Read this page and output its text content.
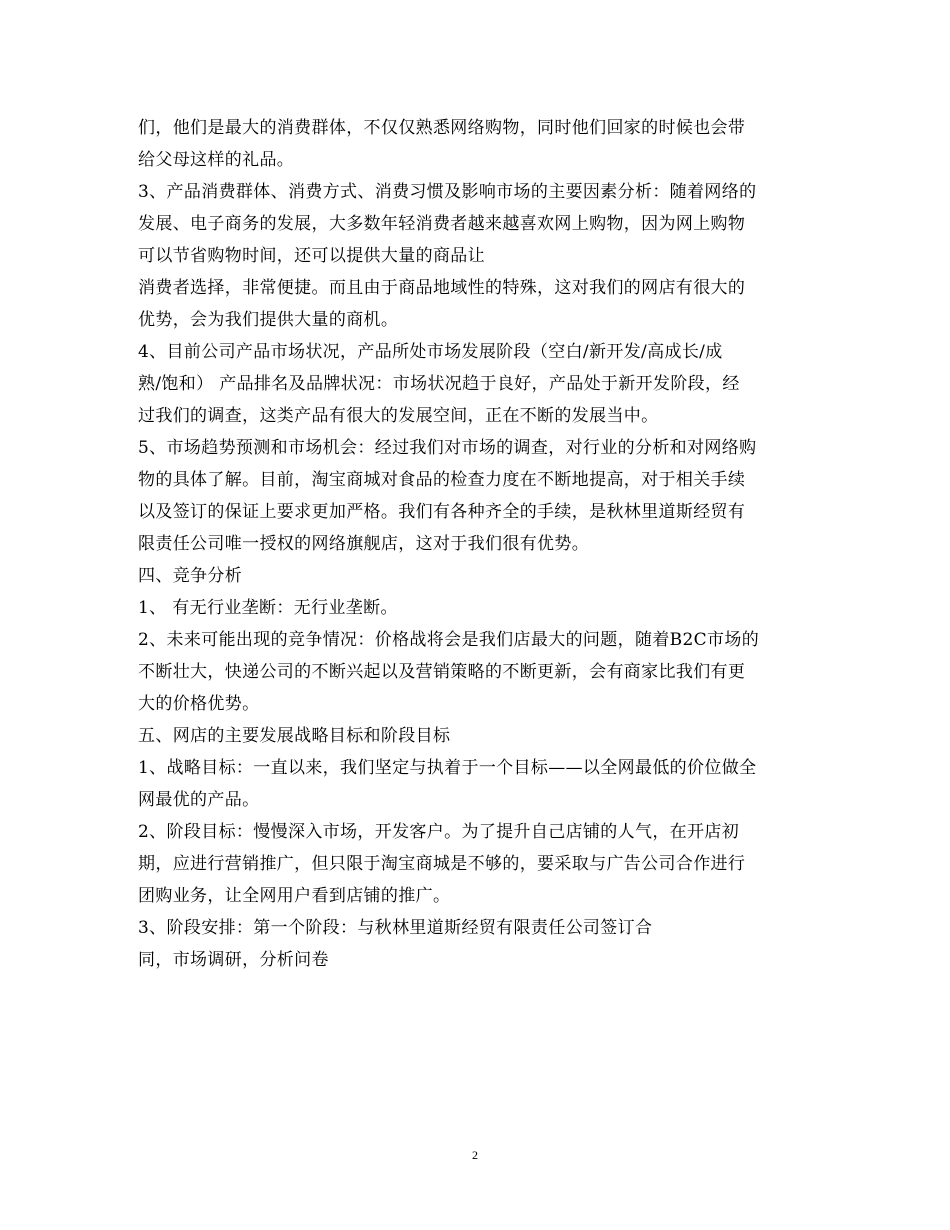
们，他们是最大的消费群体，不仅仅熟悉网络购物，同时他们回家的时候也会带
给父母这样的礼品。
3、产品消费群体、消费方式、消费习惯及影响市场的主要因素分析：随着网络的
发展、电子商务的发展，大多数年轻消费者越来越喜欢网上购物，因为网上购物
可以节省购物时间，还可以提供大量的商品让
消费者选择，非常便捷。而且由于商品地域性的特殊，这对我们的网店有很大的
优势，会为我们提供大量的商机。
4、目前公司产品市场状况，产品所处市场发展阶段（空白/新开发/高成长/成
熟/饱和） 产品排名及品牌状况：市场状况趋于良好，产品处于新开发阶段，经
过我们的调查，这类产品有很大的发展空间，正在不断的发展当中。
5、市场趋势预测和市场机会：经过我们对市场的调查，对行业的分析和对网络购
物的具体了解。目前，淘宝商城对食品的检查力度在不断地提高，对于相关手续
以及签订的保证上要求更加严格。我们有各种齐全的手续，是秋林里道斯经贸有
限责任公司唯一授权的网络旗舰店，这对于我们很有优势。
四、竞争分析
1、 有无行业垄断：无行业垄断。
2、未来可能出现的竞争情况：价格战将会是我们店最大的问题，随着B2C市场的
不断壮大，快递公司的不断兴起以及营销策略的不断更新，会有商家比我们有更
大的价格优势。
五、网店的主要发展战略目标和阶段目标
1、战略目标：一直以来，我们坚定与执着于一个目标——以全网最低的价位做全
网最优的产品。
2、阶段目标：慢慢深入市场，开发客户。为了提升自己店铺的人气，在开店初
期，应进行营销推广，但只限于淘宝商城是不够的，要采取与广告公司合作进行
团购业务，让全网用户看到店铺的推广。
3、阶段安排：第一个阶段：与秋林里道斯经贸有限责任公司签订合
同，市场调研，分析问卷
2
